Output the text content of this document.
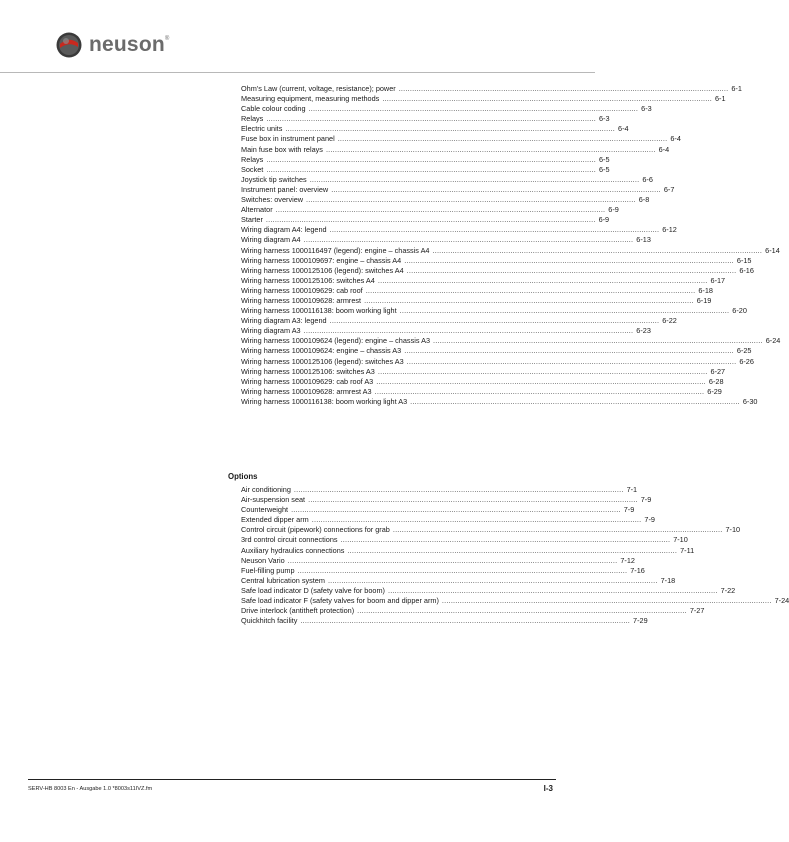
neuson®
Ohm's Law (current, voltage, resistance); power .....	6-1
Measuring equipment, measuring methods .....	6-1
Cable colour coding .....	6-3
Relays .....	6-3
Electric units .....	6-4
Fuse box in instrument panel .....	6-4
Main fuse box with relays .....	6-4
Relays .....	6-5
Socket .....	6-5
Joystick tip switches .....	6-6
Instrument panel: overview .....	6-7
Switches: overview .....	6-8
Alternator .....	6-9
Starter .....	6-9
Wiring diagram A4: legend .....	6-12
Wiring diagram A4 .....	6-13
Wiring harness 1000116497 (legend): engine – chassis A4 .....	6-14
Wiring harness 1000109697: engine – chassis A4 .....	6-15
Wiring harness 1000125106 (legend): switches A4 .....	6-16
Wiring harness 1000125106: switches A4 .....	6-17
Wiring harness 1000109629: cab roof .....	6-18
Wiring harness 1000109628: armrest .....	6-19
Wiring harness 1000116138: boom working light .....	6-20
Wiring diagram A3: legend .....	6-22
Wiring diagram A3 .....	6-23
Wiring harness 1000109624 (legend): engine – chassis A3 .....	6-24
Wiring harness 1000109624: engine – chassis A3 .....	6-25
Wiring harness 1000125106 (legend): switches A3 .....	6-26
Wiring harness 1000125106: switches A3 .....	6-27
Wiring harness 1000109629: cab roof A3 .....	6-28
Wiring harness 1000109628: armrest A3 .....	6-29
Wiring harness 1000116138: boom working light A3 .....	6-30
Options
Air conditioning .....	7-1
Air-suspension seat .....	7-9
Counterweight .....	7-9
Extended dipper arm .....	7-9
Control circuit (pipework) connections for grab .....	7-10
3rd control circuit connections .....	7-10
Auxiliary hydraulics connections .....	7-11
Neuson Vario .....	7-12
Fuel-filling pump .....	7-16
Central lubrication system .....	7-18
Safe load indicator D (safety valve for boom) .....	7-22
Safe load indicator F (safety valves for boom and dipper arm) .....	7-24
Drive interlock (antitheft protection) .....	7-27
Quickhitch facility .....	7-29
SERV-HB 8003 En - Ausgabe 1.0 *8003s11IVZ.fm	I-3
